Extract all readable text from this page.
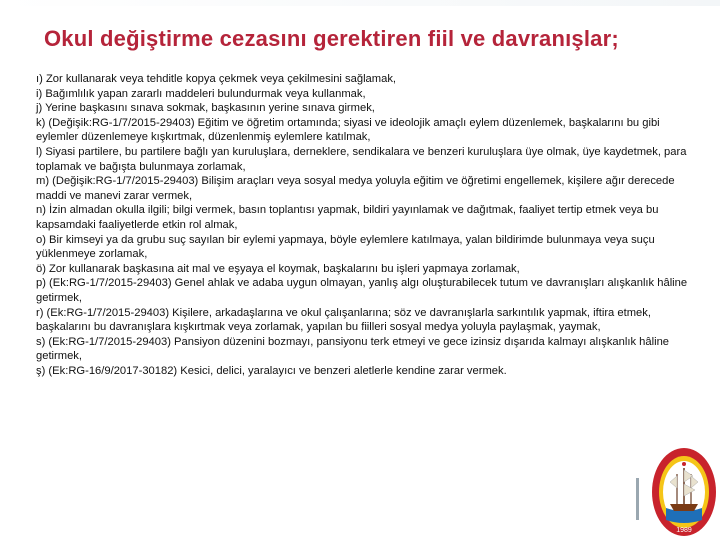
Okul değiştirme cezasını gerektiren fiil ve davranışlar;

ı) Zor kullanarak veya tehditle kopya çekmek veya çekilmesini sağlamak,

i) Bağımlılık yapan zararlı maddeleri bulundurmak veya kullanmak,

j) Yerine başkasını sınava sokmak, başkasının yerine sınava girmek,

k) (Değişik:RG-1/7/2015-29403) Eğitim ve öğretim ortamında; siyasi ve ideolojik amaçlı eylem düzenlemek, başkalarını bu gibi eylemler düzenlemeye kışkırtmak, düzenlenmiş eylemlere katılmak,

l) Siyasi partilere, bu partilere bağlı yan kuruluşlara, derneklere, sendikalara ve benzeri kuruluşlara üye olmak, üye kaydetmek, para toplamak ve bağışta bulunmaya zorlamak,

m) (Değişik:RG-1/7/2015-29403) Bilişim araçları veya sosyal medya yoluyla eğitim ve öğretimi engellemek, kişilere ağır derecede maddi ve manevi zarar vermek,

n) İzin almadan okulla ilgili; bilgi vermek, basın toplantısı yapmak, bildiri yayınlamak ve dağıtmak, faaliyet tertip etmek veya bu kapsamdaki faaliyetlerde etkin rol almak,

o) Bir kimseyi ya da grubu suç sayılan bir eylemi yapmaya, böyle eylemlere katılmaya, yalan bildirimde bulunmaya veya suçu yüklenmeye zorlamak,

ö) Zor kullanarak başkasına ait mal ve eşyaya el koymak, başkalarını bu işleri yapmaya zorlamak,

p) (Ek:RG-1/7/2015-29403) Genel ahlak ve adaba uygun olmayan, yanlış algı oluşturabilecek tutum ve davranışları alışkanlık hâline getirmek,

r) (Ek:RG-1/7/2015-29403) Kişilere, arkadaşlarına ve okul çalışanlarına; söz ve davranışlarla sarkıntılık yapmak, iftira etmek, başkalarını bu davranışlara kışkırtmak veya zorlamak, yapılan bu fiilleri sosyal medya yoluyla paylaşmak, yaymak,

s) (Ek:RG-1/7/2015-29403) Pansiyon düzenini bozmayı, pansiyonu terk etmeyi ve gece izinsiz dışarıda kalmayı alışkanlık hâline getirmek,

ş) (Ek:RG-16/9/2017-30182) Kesici, delici, yaralayıcı ve benzeri aletlerle kendine zarar vermek.

1989
